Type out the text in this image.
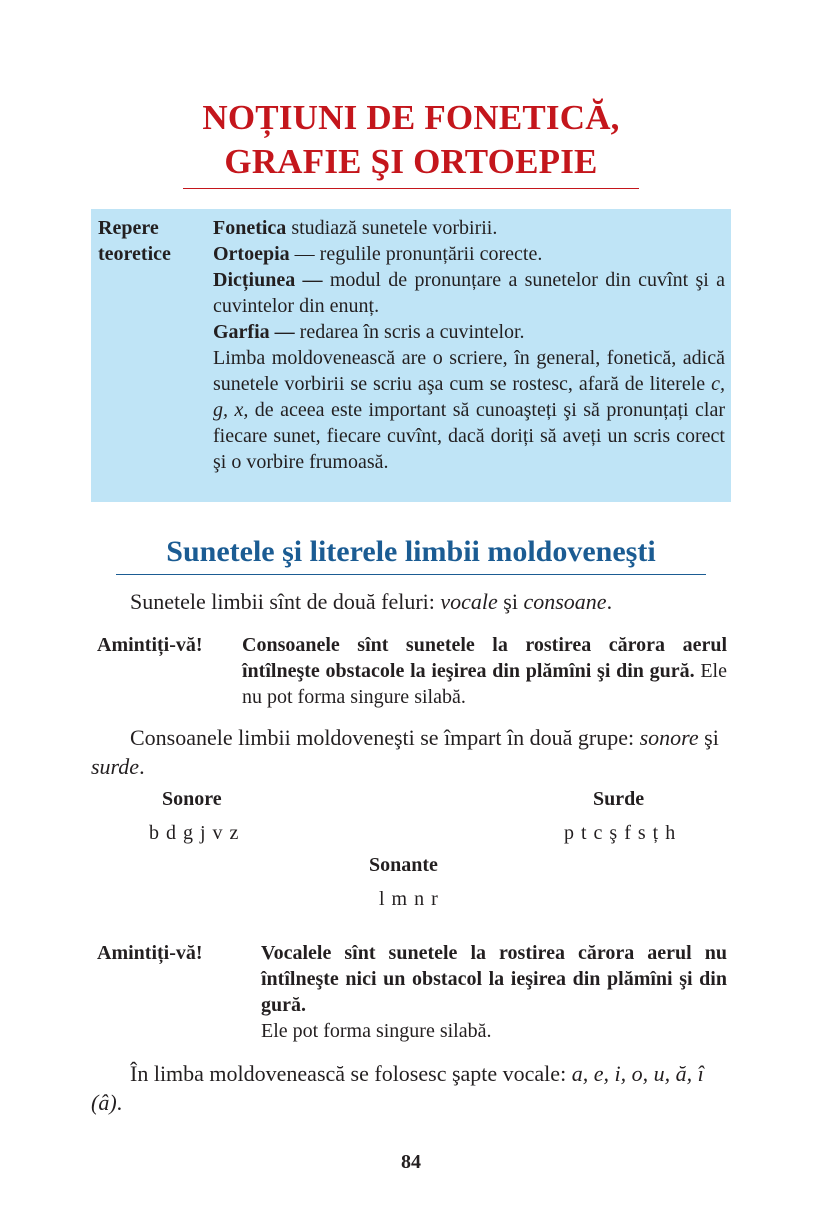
NOȚIUNI DE FONETICĂ,
GRAFIE ŞI ORTOEPIE
Repere
teoretice

Fonetica studiază sunetele vorbirii.

Ortoepia — regulile pronunțării corecte.

Dicțiunea — modul de pronunțare a sunetelor din cuvînt şi a cuvintelor din enunț.

Garfia — redarea în scris a cuvintelor.

Limba moldovenească are o scriere, în general, fonetică, adică sunetele vorbirii se scriu aşa cum se rostesc, afară de literele c, g, x, de aceea este important să cunoaşteți şi să pronunțați clar fiecare sunet, fiecare cuvînt, dacă doriți să aveți un scris corect şi o vorbire frumoasă.

Sunetele şi literele limbii moldoveneşti

Sunetele limbii sînt de două feluri: vocale şi consoane.

Amintiți-vă! Consoanele sînt sunetele la rostirea cărora aerul întîlneşte obstacole la ieşirea din plămîni şi din gură. Ele nu pot forma singure silabă.

Consoanele limbii moldoveneşti se împart în două grupe: sonore şi surde.

Sonore
b d g j v z
Surde
p t c ş f s ț h
Sonante
l m n r
Amintiți-vă!	Vocalele sînt sunetele la rostirea cărora aerul nu întîlneşte nici un obstacol la ieşirea din plămîni şi din gură.

Ele pot forma singure silabă.

În limba moldovenească se folosesc şapte vocale: a, e, i, o, u, ă, î (â).

84
